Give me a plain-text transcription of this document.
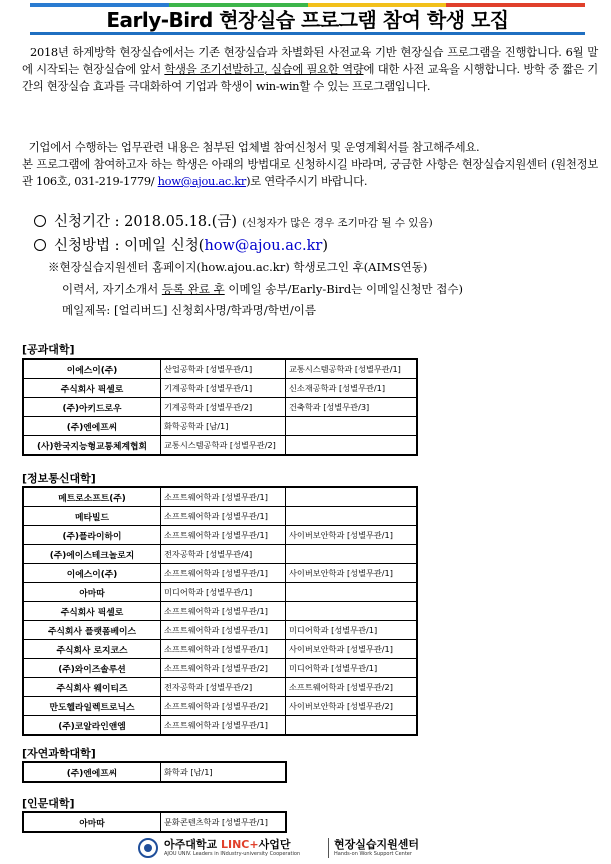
Early-Bird 현장실습 프로그램 참여 학생 모집

2018년 하계방학 현장실습에서는 기존 현장실습과 차별화된 사전교육 기반 현장실습 프로그램을 진행합니다. 6월 말에 시작되는 현장실습에 앞서 학생을 조기선발하고, 실습에 필요한 역량에 대한 사전 교육을 시행합니다. 방학 중 짧은 기간의 현장실습 효과를 극대화하여 기업과 학생이 win-win할 수 있는 프로그램입니다.

기업에서 수행하는 업무관련 내용은 첨부된 업체별 참여신청서 및 운영계획서를 참고해주세요.

본 프로그램에 참여하고자 하는 학생은 아래의 방법대로 신청하시길 바라며, 궁금한 사항은 현장실습지원센터 (원천정보관 106호, 031-219-1779/ how@ajou.ac.kr)로 연락주시기 바랍니다.

신청기간 : 2018.05.18.(금) (신청자가 많은 경우 조기마감 될 수 있음)
신청방법 : 이메일 신청(how@ajou.ac.kr)
※현장실습지원센터 홈페이지(how.ajou.ac.kr) 학생로그인 후(AIMS연동)
이력서, 자기소개서 등록 완료 후 이메일 송부/Early-Bird는 이메일신청만 접수)
메일제목: [얼리버드] 신청회사명/학과명/학번/이름
[공과대학]
이에스이(주)	산업공학과 [성별무관/1]	교통시스템공학과 [성별무관/1]
주식회사 픽셀로	기계공학과 [성별무관/1]	신소재공학과 [성별무관/1]
(주)아키드로우	기계공학과 [성별무관/2]	건축학과 [성별무관/3]
(주)엔에프씨	화학공학과 [남/1]	
(사)한국지능형교통체계협회	교통시스템공학과 [성별무관/2]	
[정보통신대학]
메트로소프트(주)	소프트웨어학과 [성별무관/1]	
메타빌드	소프트웨어학과 [성별무관/1]	
(주)플라이하이	소프트웨어학과 [성별무관/1]	사이버보안학과 [성별무관/1]
(주)에이스테크놀로지	전자공학과 [성별무관/4]	
이에스이(주)	소프트웨어학과 [성별무관/1]	사이버보안학과 [성별무관/1]
아마따	미디어학과 [성별무관/1]	
주식회사 픽셀로	소프트웨어학과 [성별무관/1]	
주식회사 플랫폼베이스	소프트웨어학과 [성별무관/1]	미디어학과 [성별무관/1]
주식회사 로지코스	소프트웨어학과 [성별무관/1]	사이버보안학과 [성별무관/1]
(주)와이즈솔루션	소프트웨어학과 [성별무관/2]	미디어학과 [성별무관/1]
주식회사 웨이티즈	전자공학과 [성별무관/2]	소프트웨어학과 [성별무관/2]
만도헬라일렉트로닉스	소프트웨어학과 [성별무관/2]	사이버보안학과 [성별무관/2]
(주)코알라인앤엠	소프트웨어학과 [성별무관/1]	
[자연과학대학]
(주)엔에프씨	화학과 [남/1]
[인문대학]
아마따	문화콘텐츠학과 [성별무관/1]
아주대학교 LINC+사업단
AJOU UNIV. Leaders in INdustry-university Cooperation
현장실습지원센터
Hands-on Work Support Center
